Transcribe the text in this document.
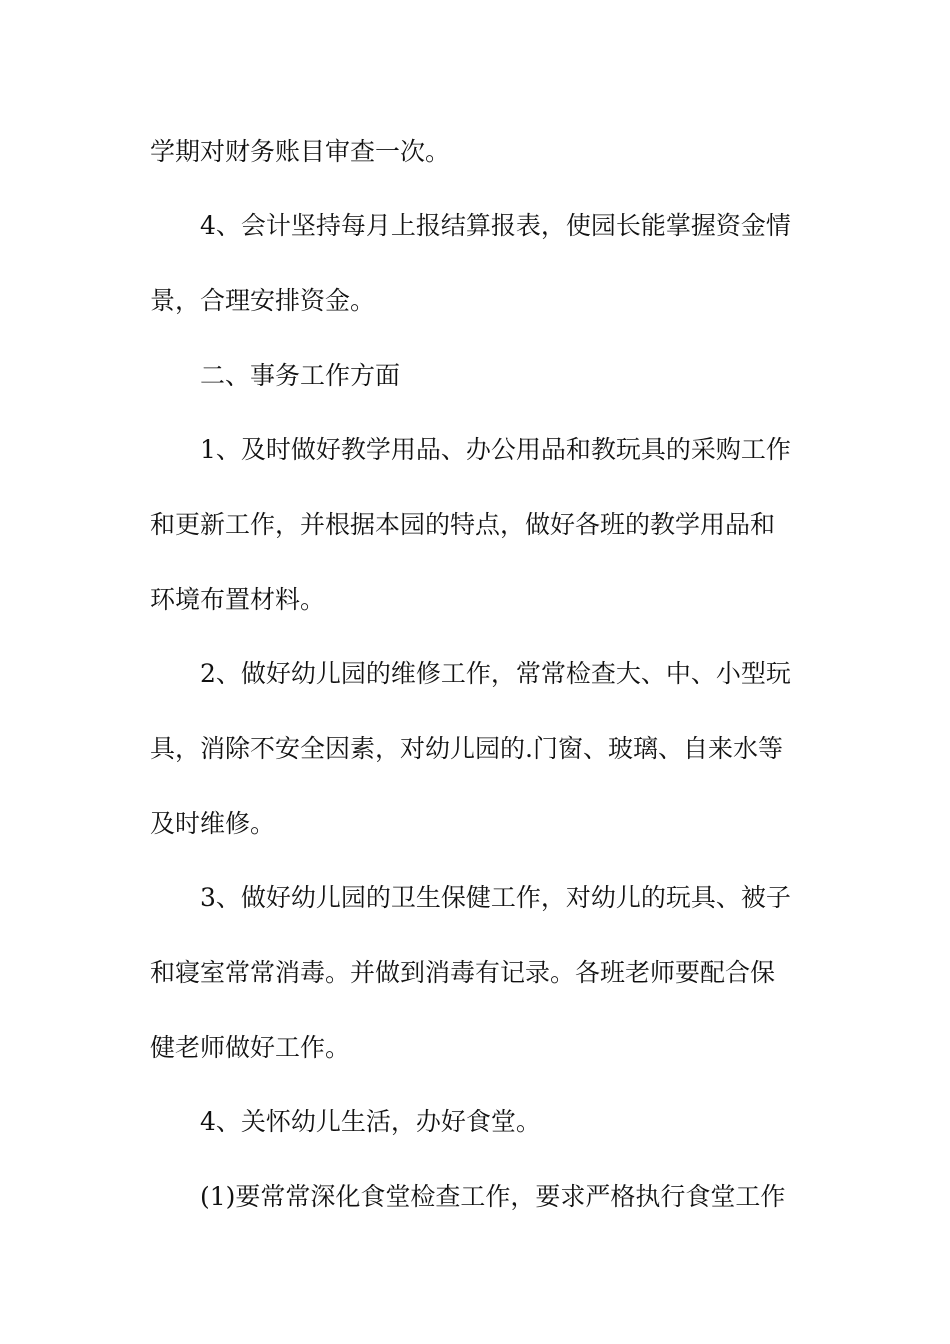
学期对财务账目审查一次。
4、会计坚持每月上报结算报表，使园长能掌握资金情
景，合理安排资金。
二、事务工作方面
1、及时做好教学用品、办公用品和教玩具的采购工作
和更新工作，并根据本园的特点，做好各班的教学用品和
环境布置材料。
2、做好幼儿园的维修工作，常常检查大、中、小型玩
具，消除不安全因素，对幼儿园的.门窗、玻璃、自来水等
及时维修。
3、做好幼儿园的卫生保健工作，对幼儿的玩具、被子
和寝室常常消毒。并做到消毒有记录。各班老师要配合保
健老师做好工作。
4、关怀幼儿生活，办好食堂。
(1)要常常深化食堂检查工作，要求严格执行食堂工作
